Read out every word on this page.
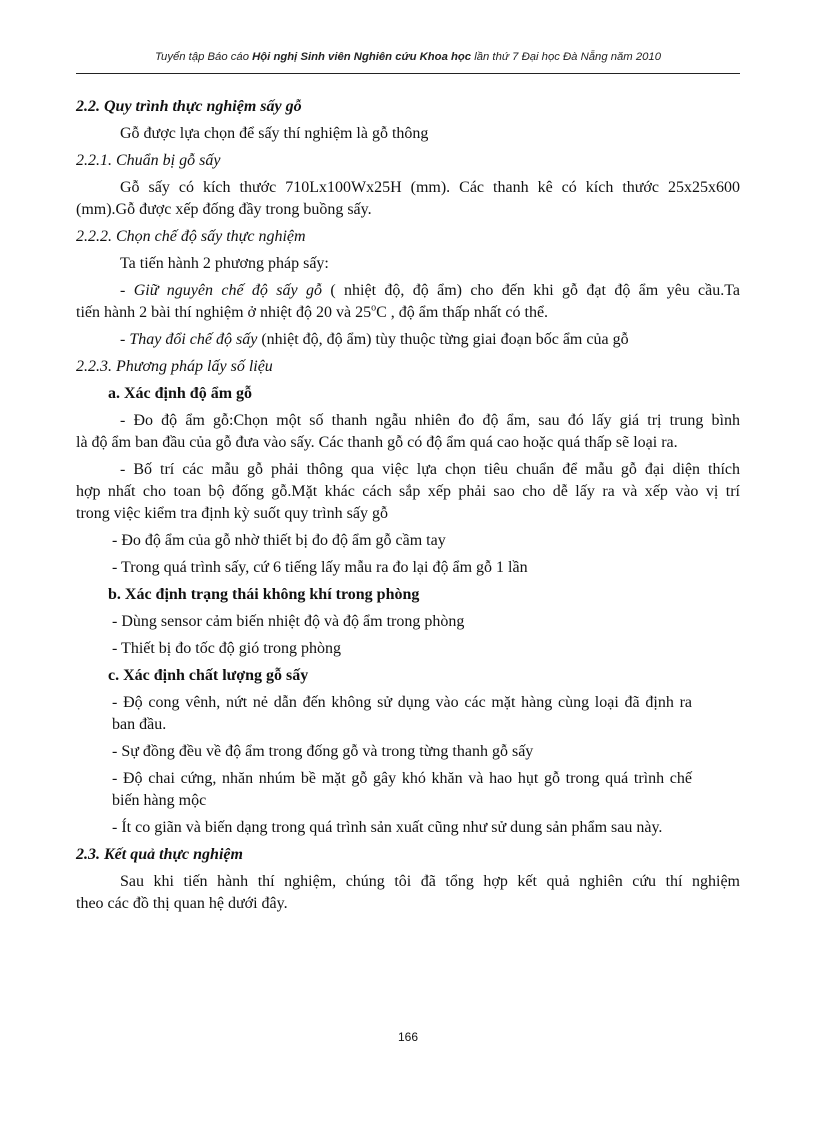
Tuyển tập Báo cáo Hội nghị Sinh viên Nghiên cứu Khoa học lần thứ 7 Đại học Đà Nẵng năm 2010
2.2. Quy trình thực nghiệm sấy gỗ
Gỗ được lựa chọn để sấy thí nghiệm là gỗ thông
2.2.1. Chuẩn bị gỗ sấy
Gỗ sấy có kích thước 710Lx100Wx25H (mm). Các thanh kê có kích thước 25x25x600
(mm).Gỗ được xếp đống đầy trong buồng sấy.
2.2.2. Chọn chế độ sấy thực nghiệm
Ta tiến hành 2 phương pháp sấy:
- Giữ nguyên chế độ sấy gỗ ( nhiệt độ, độ ẩm) cho đến khi gỗ đạt độ ẩm yêu cầu.Ta
tiến hành 2 bài thí nghiệm ở nhiệt độ 20 và 25$^o$C , độ ẩm thấp nhất có thể.
- Thay đổi chế độ sấy (nhiệt độ, độ ẩm) tùy thuộc từng giai đoạn bốc ẩm của gỗ
2.2.3. Phương pháp lấy số liệu
a. Xác định độ ẩm gỗ
- Đo độ ẩm gỗ:Chọn một số thanh ngẫu nhiên đo độ ẩm, sau đó lấy giá trị trung bình
là độ ẩm ban đầu của gỗ đưa vào sấy. Các thanh gỗ có độ ẩm quá cao hoặc quá thấp sẽ loại ra.
- Bố trí các mẫu gỗ phải thông qua việc lựa chọn tiêu chuẩn để mẫu gỗ đại diện thích
hợp nhất cho toan bộ đống gỗ.Mặt khác cách sắp xếp phải sao cho dễ lấy ra và xếp vào vị trí
trong việc kiểm tra định kỳ suốt quy trình sấy gỗ
- Đo độ ẩm của gỗ nhờ thiết bị đo độ ẩm gỗ cầm tay
- Trong quá trình sấy, cứ 6 tiếng lấy mẫu ra đo lại độ ẩm gỗ 1 lần
b. Xác định trạng thái không khí trong phòng
- Dùng sensor cảm biến nhiệt độ và độ ẩm trong phòng
- Thiết bị đo tốc độ gió trong phòng
c. Xác định chất lượng gỗ sấy
- Độ cong vênh, nứt nẻ dẫn đến không sử dụng vào các mặt hàng cùng loại đã định ra
ban đầu.
- Sự đồng đều về độ ẩm trong đống gỗ và trong từng thanh gỗ sấy
- Độ chai cứng, nhăn nhúm bề mặt gỗ gây khó khăn và hao hụt gỗ trong quá trình chế
biến hàng mộc
- Ít co giãn và biến dạng trong quá trình sản xuất cũng như sử dung sản phẩm sau này.
2.3. Kết quả thực nghiệm
Sau khi tiến hành thí nghiệm, chúng tôi đã tổng hợp kết quả nghiên cứu thí nghiệm
theo các đồ thị quan hệ dưới đây.
166
